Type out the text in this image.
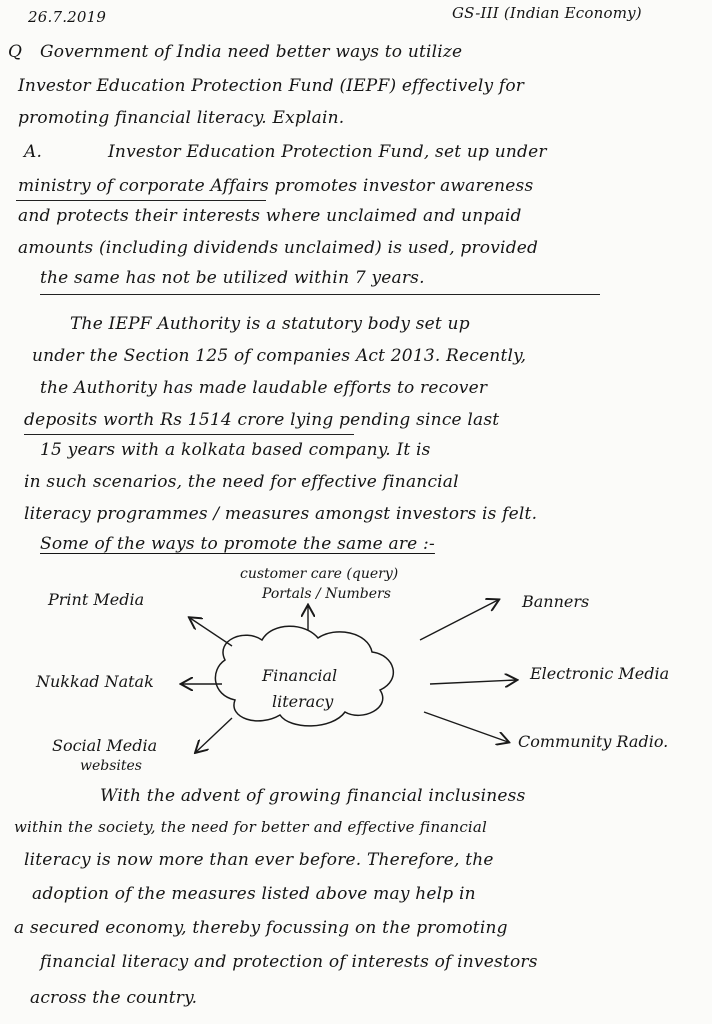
26.7.2019	GS-III (Indian Economy)
Q	Government of India need better ways to utilize
Investor Education Protection Fund (IEPF) effectively for
promoting financial literacy. Explain.
A.	Investor Education Protection Fund, set up under
ministry of corporate Affairs promotes investor awareness
and protects their interests where unclaimed and unpaid
amounts (including dividends unclaimed) is used, provided
the same has not be utilized within 7 years.
The IEPF Authority is a statutory body set up
under the Section 125 of companies Act 2013. Recently,
the Authority has made laudable efforts to recover
deposits worth Rs 1514 crore lying pending since last
15 years with a kolkata based company. It is
in such scenarios, the need for effective financial
literacy programmes / measures amongst investors is felt.
Some of the ways to promote the same are :-
Financial
literacy
Print Media
customer care (query)
Portals / Numbers	Banners
Nukkad Natak	Electronic Media
Social Media
websites
Community Radio.
With the advent of growing financial inclusiness
within the society, the need for better and effective financial
literacy is now more than ever before. Therefore, the
adoption of the measures listed above may help in
a secured economy, thereby focussing on the promoting
financial literacy and protection of interests of investors
across the country.
